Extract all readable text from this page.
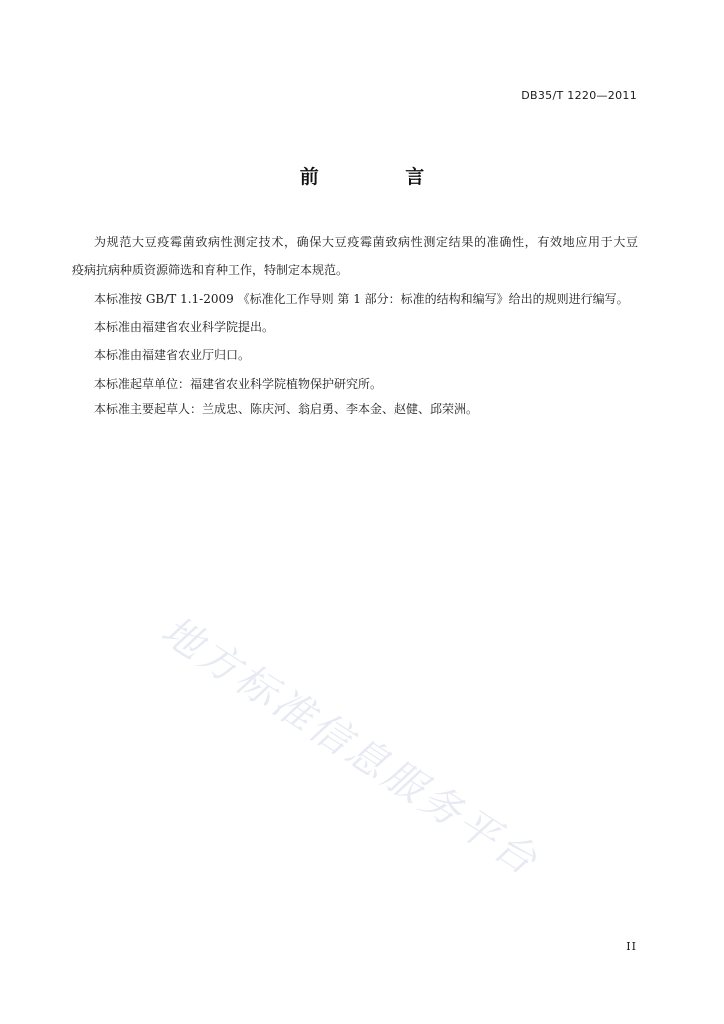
DB35/T 1220—2011
前 言
为规范大豆疫霉菌致病性测定技术，确保大豆疫霉菌致病性测定结果的准确性，有效地应用于大豆
疫病抗病种质资源筛选和育种工作，特制定本规范。
本标准按 GB/T 1.1-2009 《标准化工作导则 第 1 部分：标准的结构和编写》给出的规则进行编写。
本标准由福建省农业科学院提出。
本标准由福建省农业厅归口。
本标准起草单位：福建省农业科学院植物保护研究所。
本标准主要起草人：兰成忠、陈庆河、翁启勇、李本金、赵健、邱荣洲。
地方标准信息服务平台
II
